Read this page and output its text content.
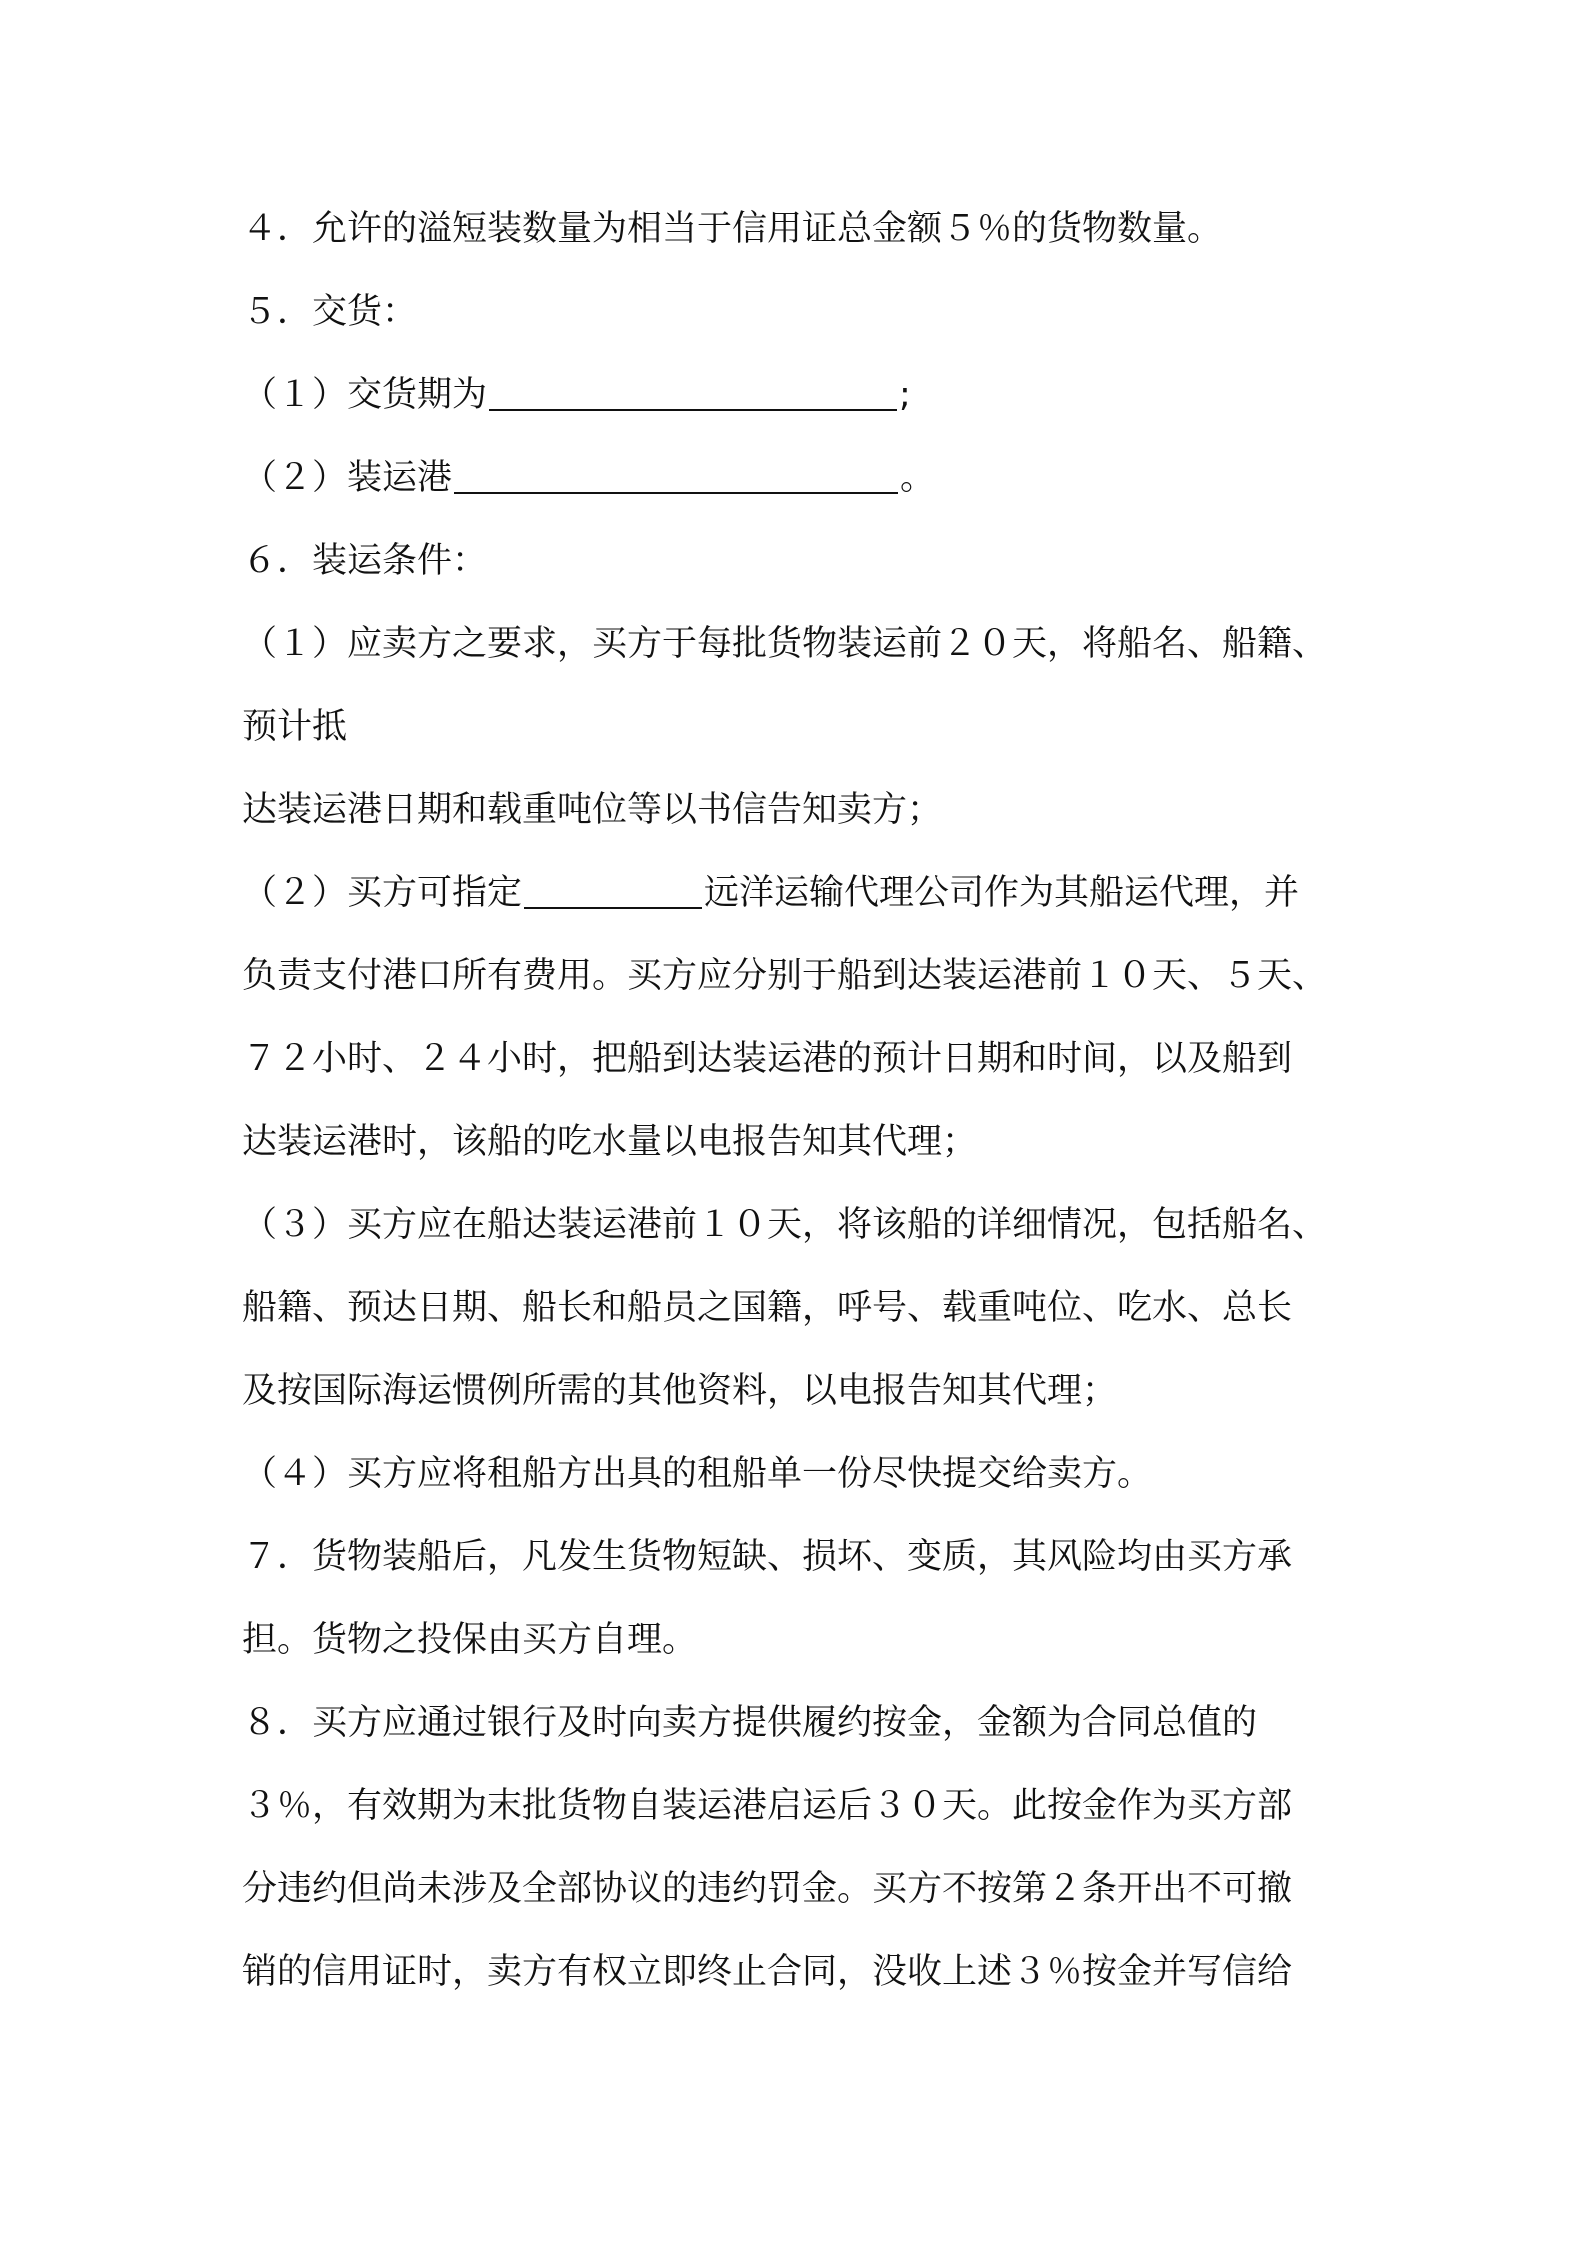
４．允许的溢短装数量为相当于信用证总金额５％的货物数量。
５．交货：
（１）交货期为	;
（２）装运港	。
６．装运条件：
（１）应卖方之要求，买方于每批货物装运前２０天，将船名、船籍、
预计抵
达装运港日期和载重吨位等以书信告知卖方；
（２）买方可指定	远洋运输代理公司作为其船运代理，并
负责支付港口所有费用。买方应分别于船到达装运港前１０天、５天、
７２小时、２４小时，把船到达装运港的预计日期和时间，以及船到
达装运港时，该船的吃水量以电报告知其代理；
（３）买方应在船达装运港前１０天，将该船的详细情况，包括船名、
船籍、预达日期、船长和船员之国籍，呼号、载重吨位、吃水、总长
及按国际海运惯例所需的其他资料，以电报告知其代理；
（４）买方应将租船方出具的租船单一份尽快提交给卖方。
７．货物装船后，凡发生货物短缺、损坏、变质，其风险均由买方承
担。货物之投保由买方自理。
８．买方应通过银行及时向卖方提供履约按金，金额为合同总值的
３％，有效期为末批货物自装运港启运后３０天。此按金作为买方部
分违约但尚未涉及全部协议的违约罚金。买方不按第２条开出不可撤
销的信用证时，卖方有权立即终止合同，没收上述３％按金并写信给
